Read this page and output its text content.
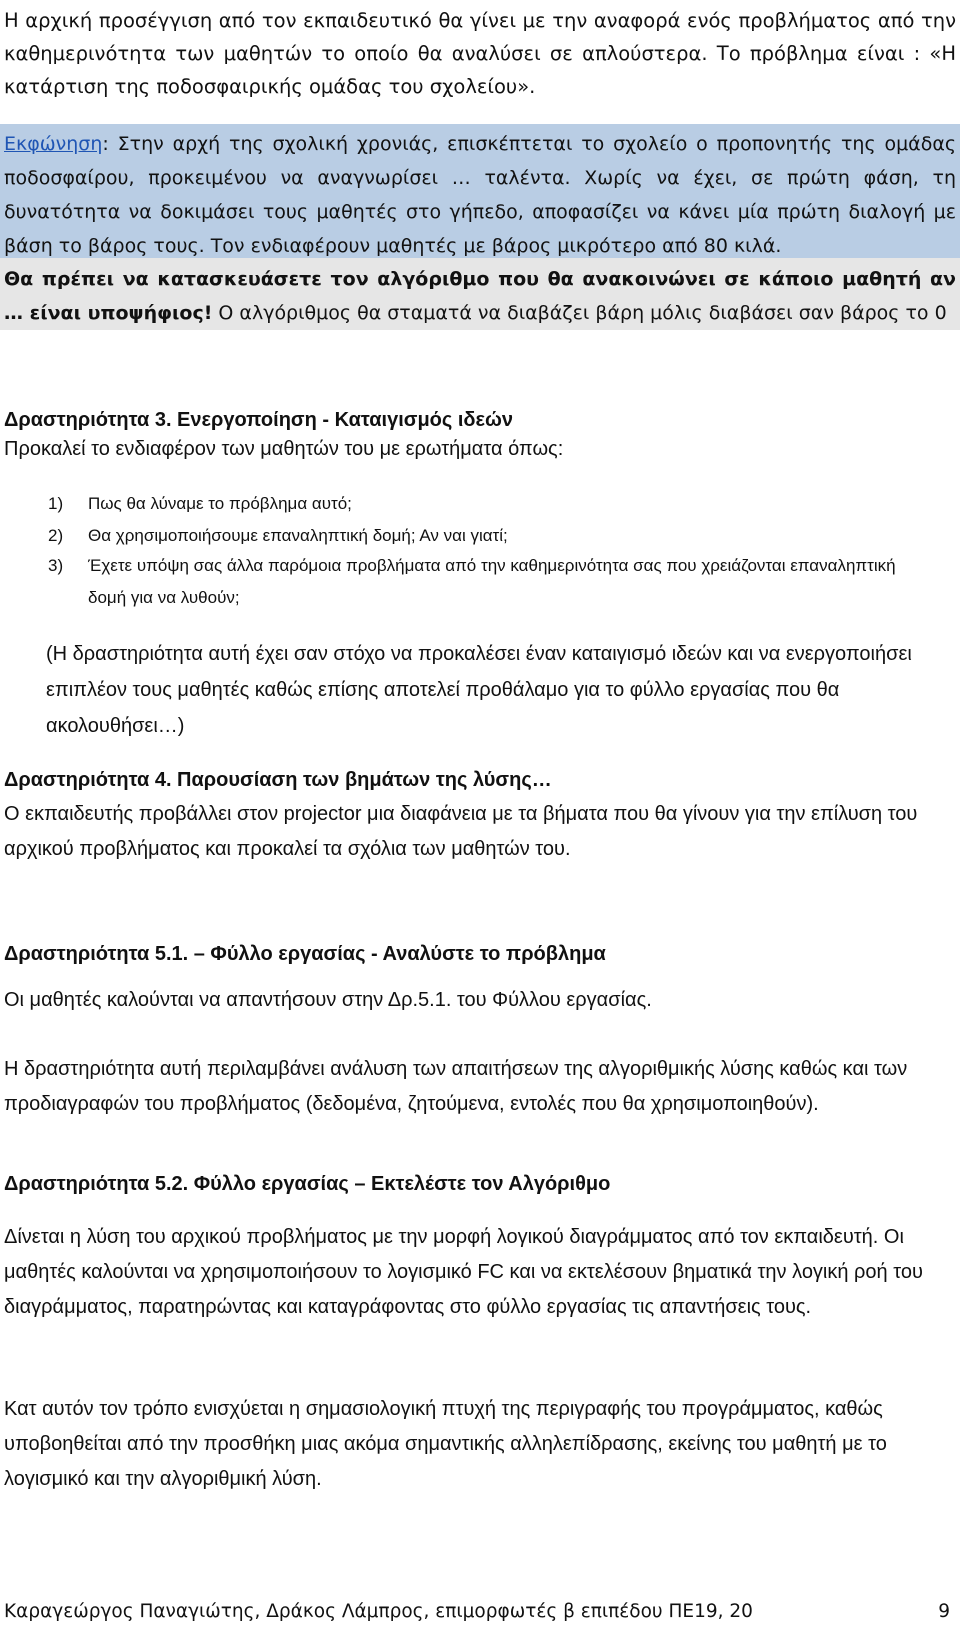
Η αρχική προσέγγιση από τον εκπαιδευτικό θα γίνει με την αναφορά ενός προβλήματος από την καθημερινότητα των μαθητών το οποίο θα αναλύσει σε απλούστερα. Το πρόβλημα είναι : «Η κατάρτιση της ποδοσφαιρικής ομάδας του σχολείου».
Εκφώνηση: Στην αρχή της σχολική χρονιάς, επισκέπτεται το σχολείο ο προπονητής της ομάδας ποδοσφαίρου, προκειμένου να αναγνωρίσει … ταλέντα. Χωρίς να έχει, σε πρώτη φάση, τη δυνατότητα να δοκιμάσει τους μαθητές στο γήπεδο, αποφασίζει να κάνει μία πρώτη διαλογή με βάση το βάρος τους. Τον ενδιαφέρουν μαθητές με βάρος μικρότερο από 80 κιλά.
Θα πρέπει να κατασκευάσετε τον αλγόριθμο που θα ανακοινώνει σε κάποιο μαθητή αν … είναι υποψήφιος! Ο αλγόριθμος θα σταματά να διαβάζει βάρη μόλις διαβάσει σαν βάρος το 0
Δραστηριότητα 3. Ενεργοποίηση - Καταιγισμός ιδεών
Προκαλεί το ενδιαφέρον των μαθητών του με ερωτήματα όπως:
1) Πως θα λύναμε το πρόβλημα αυτό;
2) Θα χρησιμοποιήσουμε επαναληπτική δομή; Αν ναι γιατί;
3) Έχετε υπόψη σας άλλα παρόμοια προβλήματα από την καθημερινότητα σας που χρειάζονται επαναληπτική δομή για να λυθούν;
(Η δραστηριότητα αυτή έχει σαν στόχο να προκαλέσει έναν καταιγισμό ιδεών και να ενεργοποιήσει επιπλέον τους μαθητές καθώς επίσης αποτελεί προθάλαμο για το φύλλο εργασίας που θα ακολουθήσει…)
Δραστηριότητα 4. Παρουσίαση των βημάτων της λύσης…
Ο εκπαιδευτής προβάλλει στον projector μια διαφάνεια με τα βήματα που θα γίνουν για την επίλυση του αρχικού προβλήματος και προκαλεί τα σχόλια των μαθητών του.
Δραστηριότητα 5.1. – Φύλλο εργασίας - Αναλύστε το πρόβλημα
Οι μαθητές καλούνται να απαντήσουν στην Δρ.5.1. του Φύλλου εργασίας.
Η δραστηριότητα αυτή περιλαμβάνει ανάλυση των απαιτήσεων της αλγοριθμικής λύσης καθώς και των προδιαγραφών του προβλήματος (δεδομένα, ζητούμενα, εντολές που θα χρησιμοποιηθούν).
Δραστηριότητα 5.2. Φύλλο εργασίας – Εκτελέστε τον Αλγόριθμο
Δίνεται η λύση του αρχικού προβλήματος με την μορφή λογικού διαγράμματος από τον εκπαιδευτή. Οι μαθητές καλούνται να χρησιμοποιήσουν το λογισμικό FC και να εκτελέσουν βηματικά την λογική ροή του διαγράμματος, παρατηρώντας και καταγράφοντας στο φύλλο εργασίας τις απαντήσεις τους.
Κατ αυτόν τον τρόπο ενισχύεται η σημασιολογική πτυχή της περιγραφής του προγράμματος, καθώς υποβοηθείται από την προσθήκη μιας ακόμα σημαντικής αλληλεπίδρασης, εκείνης του μαθητή με το λογισμικό και την αλγοριθμική λύση.
Καραγεώργος Παναγιώτης, Δράκος Λάμπρος, επιμορφωτές β επιπέδου ΠΕ19, 20	9
